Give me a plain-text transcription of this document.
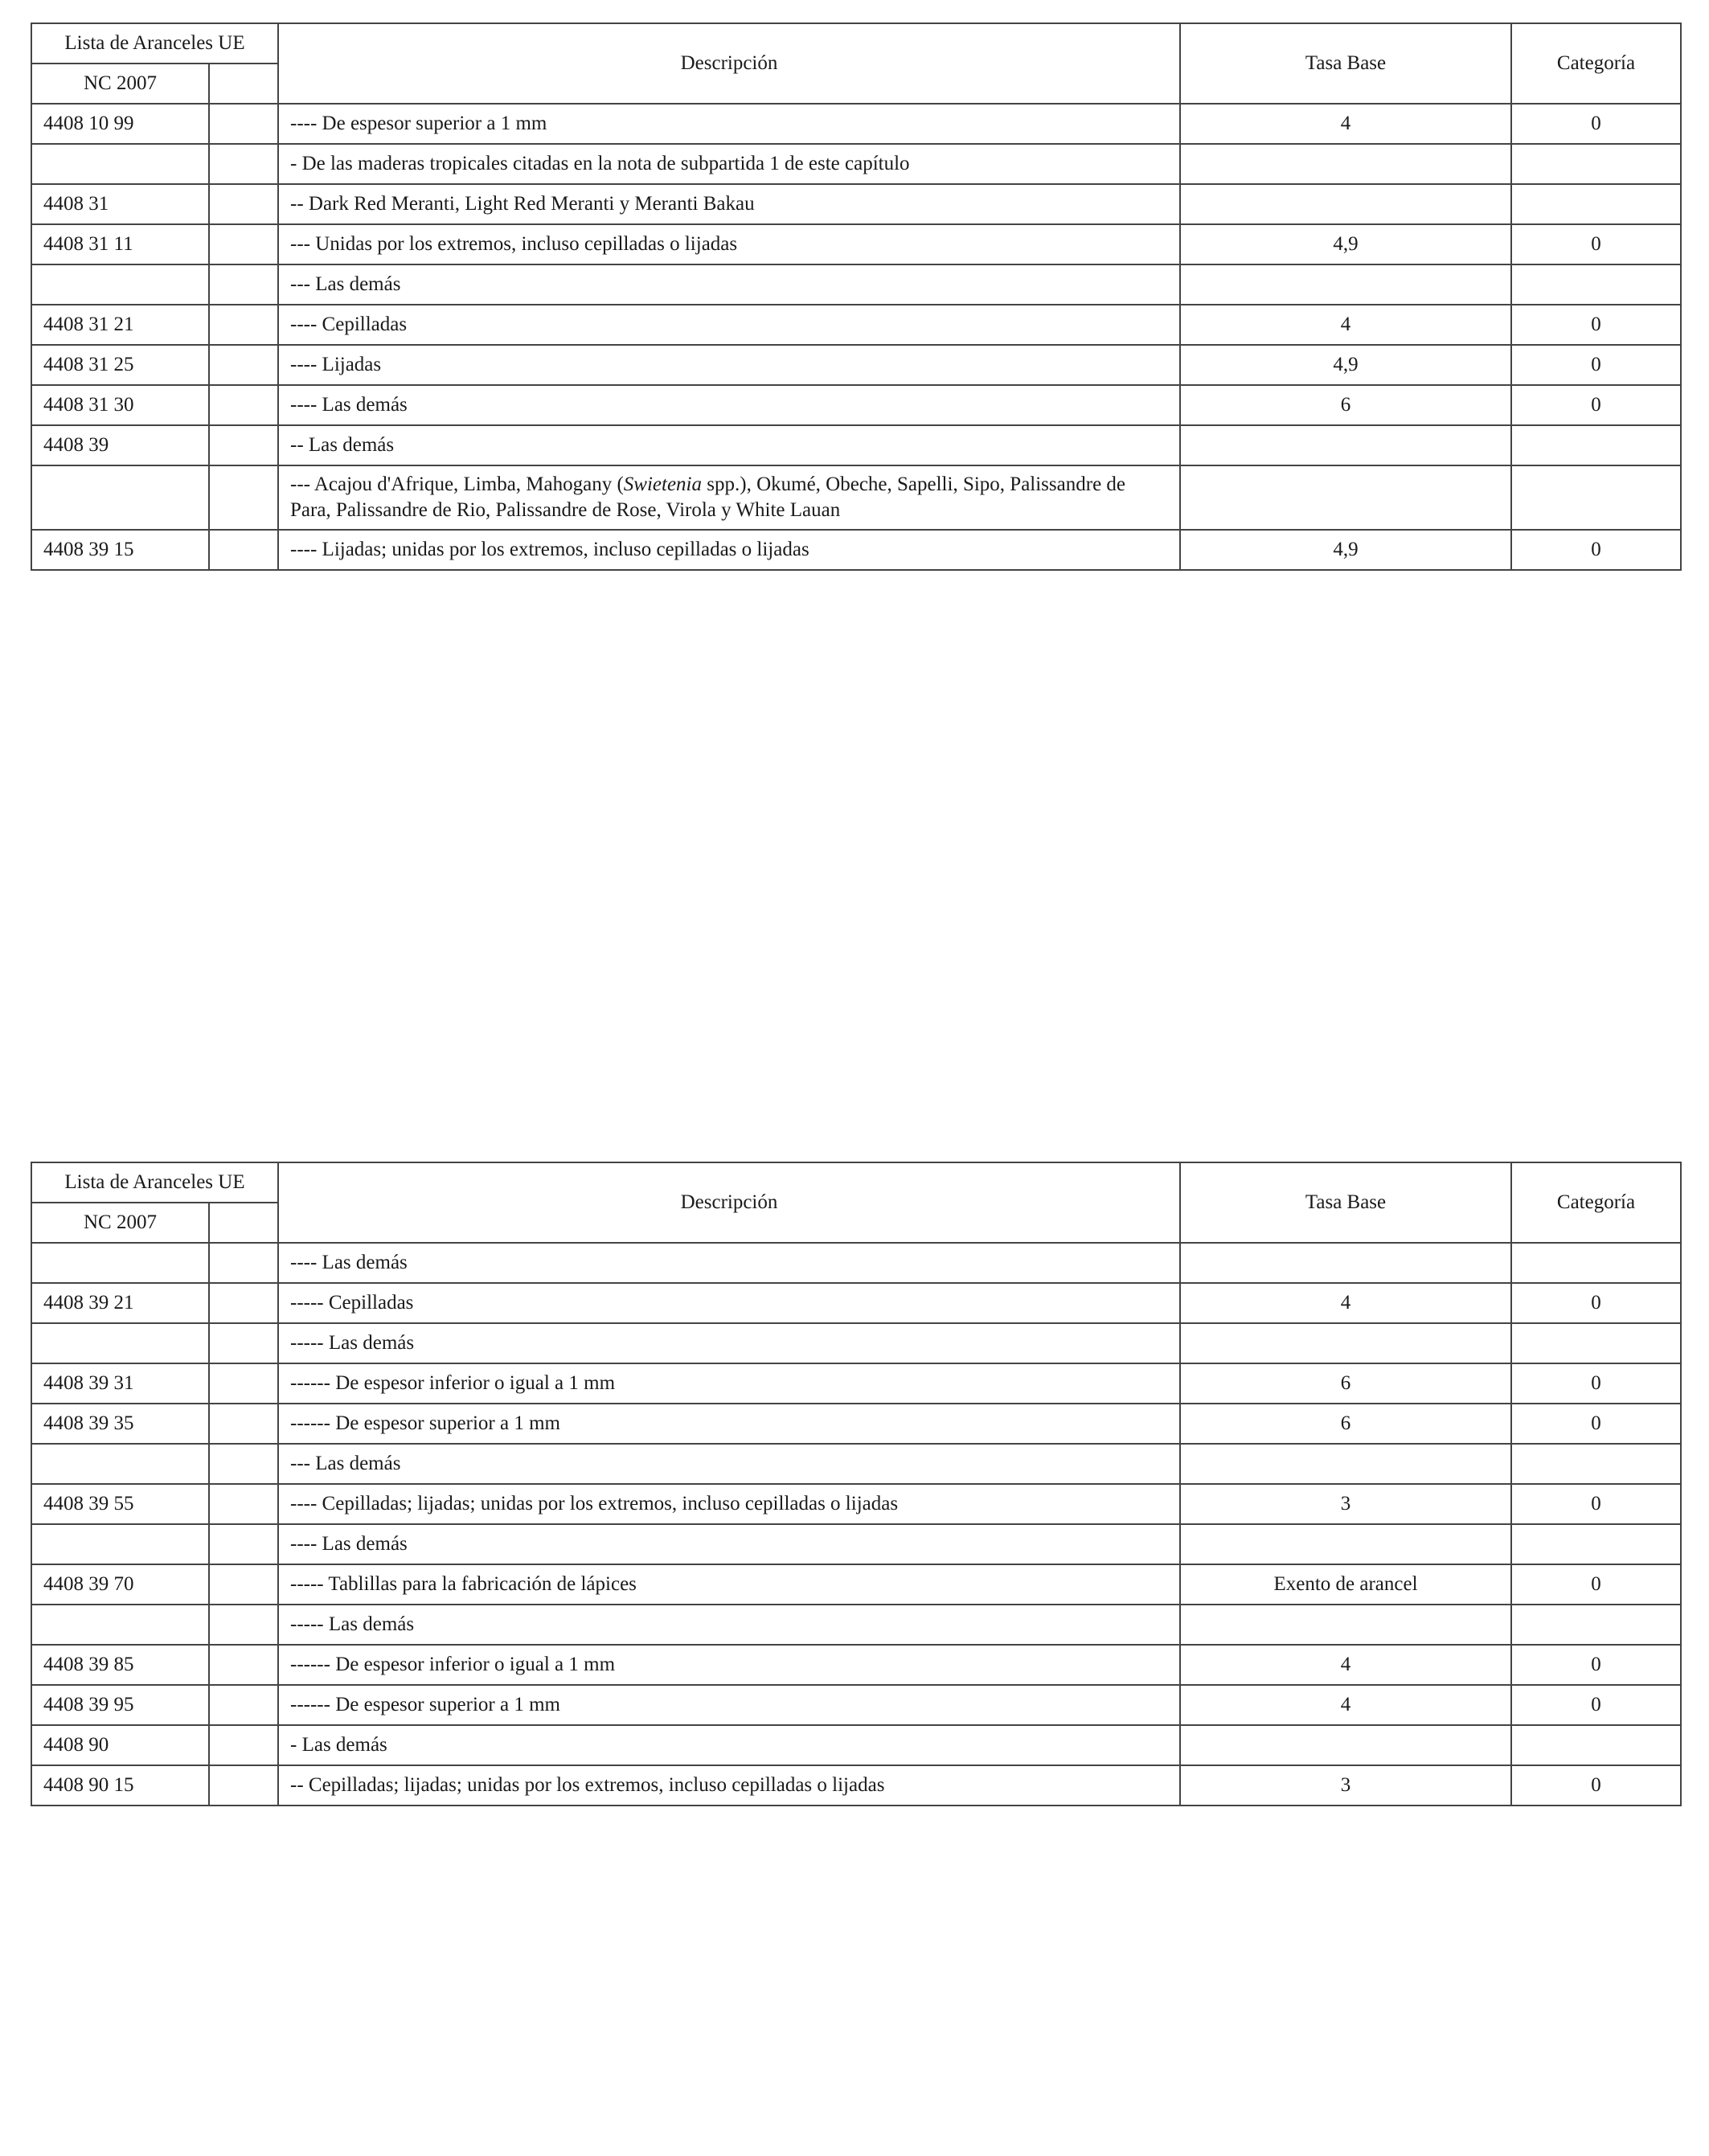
Lista de Aranceles UE		Descripción	Tasa Base	Categoría
NC 2007				
4408 10 99		---- De espesor superior a 1 mm	4	0
		- De las maderas tropicales citadas en la nota de subpartida 1 de este capítulo		
4408 31		-- Dark Red Meranti, Light Red Meranti y Meranti Bakau		
4408 31 11		--- Unidas por los extremos, incluso cepilladas o lijadas	4,9	0
		--- Las demás		
4408 31 21		---- Cepilladas	4	0
4408 31 25		---- Lijadas	4,9	0
4408 31 30		---- Las demás	6	0
4408 39		-- Las demás		
		--- Acajou d'Afrique, Limba, Mahogany (Swietenia spp.), Okumé, Obeche, Sapelli, Sipo, Palissandre de Para, Palissandre de Rio, Palissandre de Rose, Virola y White Lauan		
4408 39 15		---- Lijadas; unidas por los extremos, incluso cepilladas o lijadas	4,9	0
Lista de Aranceles UE		Descripción	Tasa Base	Categoría
NC 2007				
		---- Las demás		
4408 39 21		----- Cepilladas	4	0
		----- Las demás		
4408 39 31		------ De espesor inferior o igual a 1 mm	6	0
4408 39 35		------ De espesor superior a 1 mm	6	0
		--- Las demás		
4408 39 55		---- Cepilladas; lijadas; unidas por los extremos, incluso cepilladas o lijadas	3	0
		---- Las demás		
4408 39 70		----- Tablillas para la fabricación de lápices	Exento de arancel	0
		----- Las demás		
4408 39 85		------ De espesor inferior o igual a 1 mm	4	0
4408 39 95		------ De espesor superior a 1 mm	4	0
4408 90		- Las demás		
4408 90 15		-- Cepilladas; lijadas; unidas por los extremos, incluso cepilladas o lijadas	3	0
